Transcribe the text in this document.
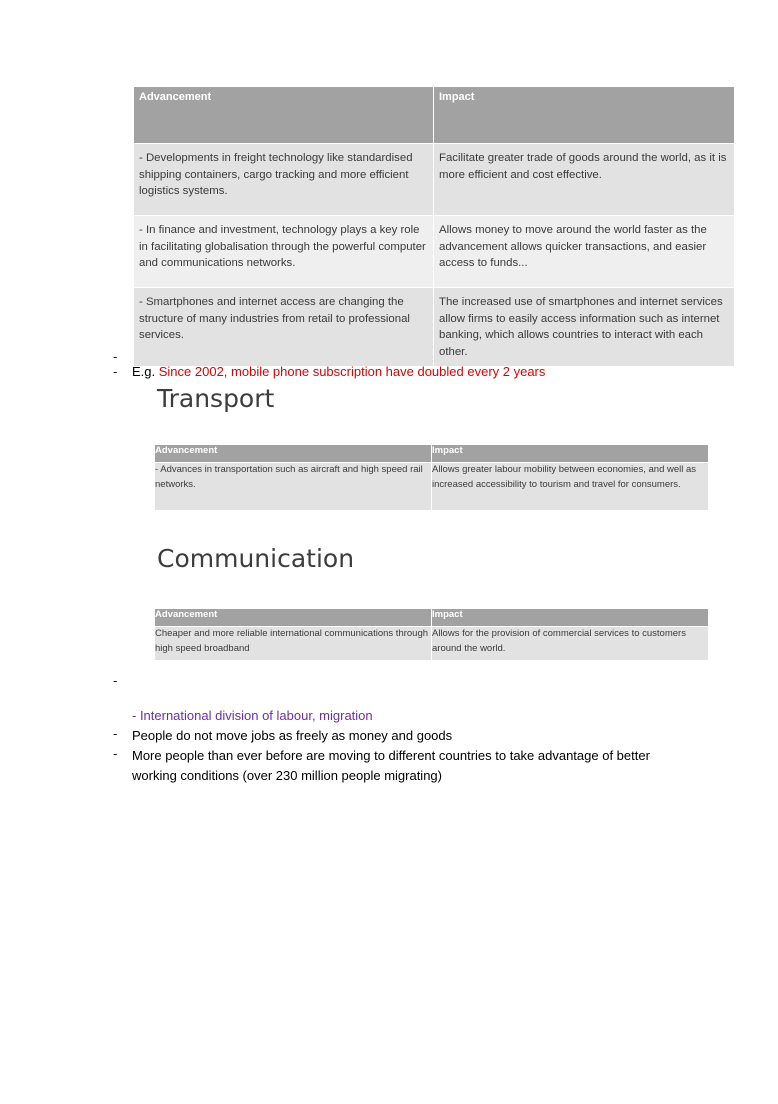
Advancement	Impact
- Developments in freight technology like standardised shipping containers, cargo tracking and more efficient logistics systems.	Facilitate greater trade of goods around the world, as it is more efficient and cost effective.
- In finance and investment, technology plays a key role in facilitating globalisation through the powerful computer and communications networks.	Allows money to move around the world faster as the advancement allows quicker transactions, and easier access to funds...
- Smartphones and internet access are changing the structure of many industries from retail to professional services.	The increased use of smartphones and internet services allow firms to easily access information such as internet banking, which allows countries to interact with each other.
-
- E.g. Since 2002, mobile phone subscription have doubled every 2 years
Transport
Advancement	Impact
- Advances in transportation such as aircraft and high speed rail networks.	Allows greater labour mobility between economies, and well as increased accessibility to tourism and travel for consumers.
Communication
Advancement	Impact
Cheaper and more reliable international communications through high speed broadband	Allows for the provision of commercial services to customers around the world.
-
- International division of labour, migration
- People do not move jobs as freely as money and goods
- More people than ever before are moving to different countries to take advantage of better working conditions (over 230 million people migrating)
